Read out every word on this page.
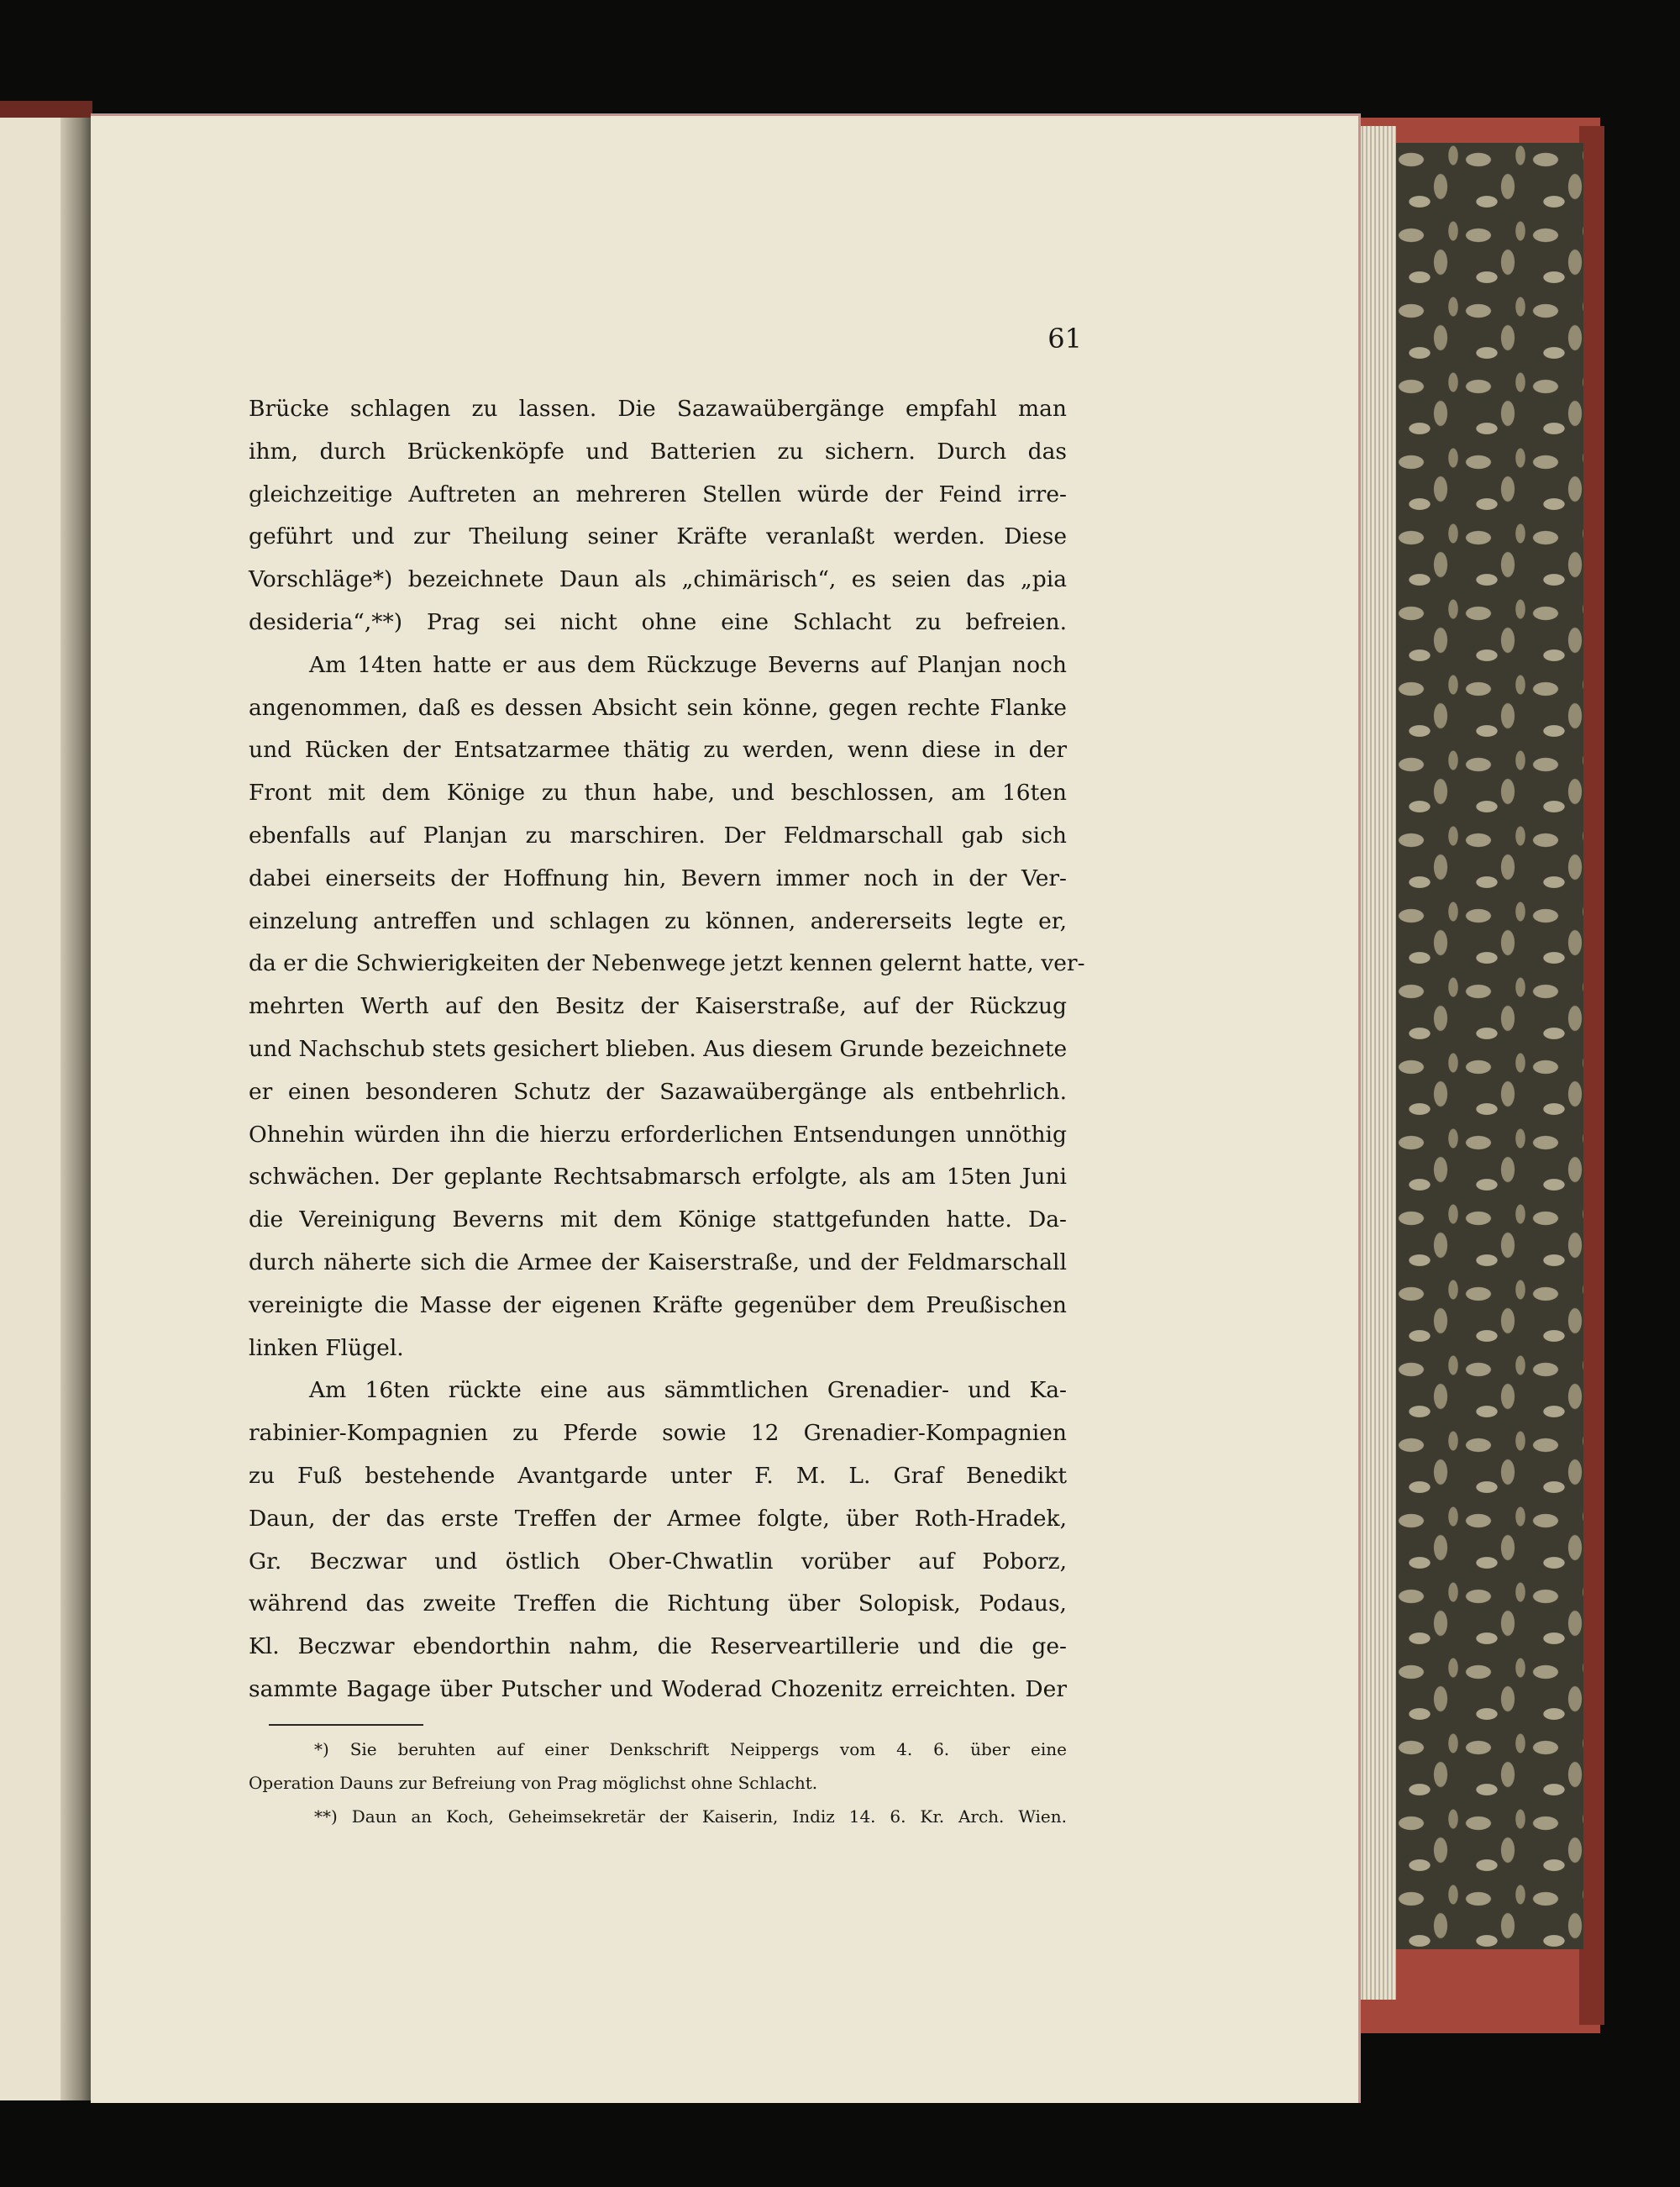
61
Brücke schlagen zu lassen. Die Sazawaübergänge empfahl man
ihm, durch Brückenköpfe und Batterien zu sichern. Durch das
gleichzeitige Auftreten an mehreren Stellen würde der Feind irre-
geführt und zur Theilung seiner Kräfte veranlaßt werden. Diese
Vorschläge*) bezeichnete Daun als „chimärisch“, es seien das „pia
desideria“,**) Prag sei nicht ohne eine Schlacht zu befreien.
Am 14ten hatte er aus dem Rückzuge Beverns auf Planjan noch
angenommen, daß es dessen Absicht sein könne, gegen rechte Flanke
und Rücken der Entsatzarmee thätig zu werden, wenn diese in der
Front mit dem Könige zu thun habe, und beschlossen, am 16ten
ebenfalls auf Planjan zu marschiren. Der Feldmarschall gab sich
dabei einerseits der Hoffnung hin, Bevern immer noch in der Ver-
einzelung antreffen und schlagen zu können, andererseits legte er,
da er die Schwierigkeiten der Nebenwege jetzt kennen gelernt hatte, ver-
mehrten Werth auf den Besitz der Kaiserstraße, auf der Rückzug
und Nachschub stets gesichert blieben. Aus diesem Grunde bezeichnete
er einen besonderen Schutz der Sazawaübergänge als entbehrlich.
Ohnehin würden ihn die hierzu erforderlichen Entsendungen unnöthig
schwächen. Der geplante Rechtsabmarsch erfolgte, als am 15ten Juni
die Vereinigung Beverns mit dem Könige stattgefunden hatte. Da-
durch näherte sich die Armee der Kaiserstraße, und der Feldmarschall
vereinigte die Masse der eigenen Kräfte gegenüber dem Preußischen
linken Flügel.
Am 16ten rückte eine aus sämmtlichen Grenadier- und Ka-
rabinier-Kompagnien zu Pferde sowie 12 Grenadier-Kompagnien
zu Fuß bestehende Avantgarde unter F. M. L. Graf Benedikt
Daun, der das erste Treffen der Armee folgte, über Roth-Hradek,
Gr. Beczwar und östlich Ober-Chwatlin vorüber auf Poborz,
während das zweite Treffen die Richtung über Solopisk, Podaus,
Kl. Beczwar ebendorthin nahm, die Reserveartillerie und die ge-
sammte Bagage über Putscher und Woderad Chozenitz erreichten. Der
*) Sie beruhten auf einer Denkschrift Neippergs vom 4. 6. über eine
Operation Dauns zur Befreiung von Prag möglichst ohne Schlacht.
**) Daun an Koch, Geheimsekretär der Kaiserin, Indiz 14. 6. Kr. Arch. Wien.
